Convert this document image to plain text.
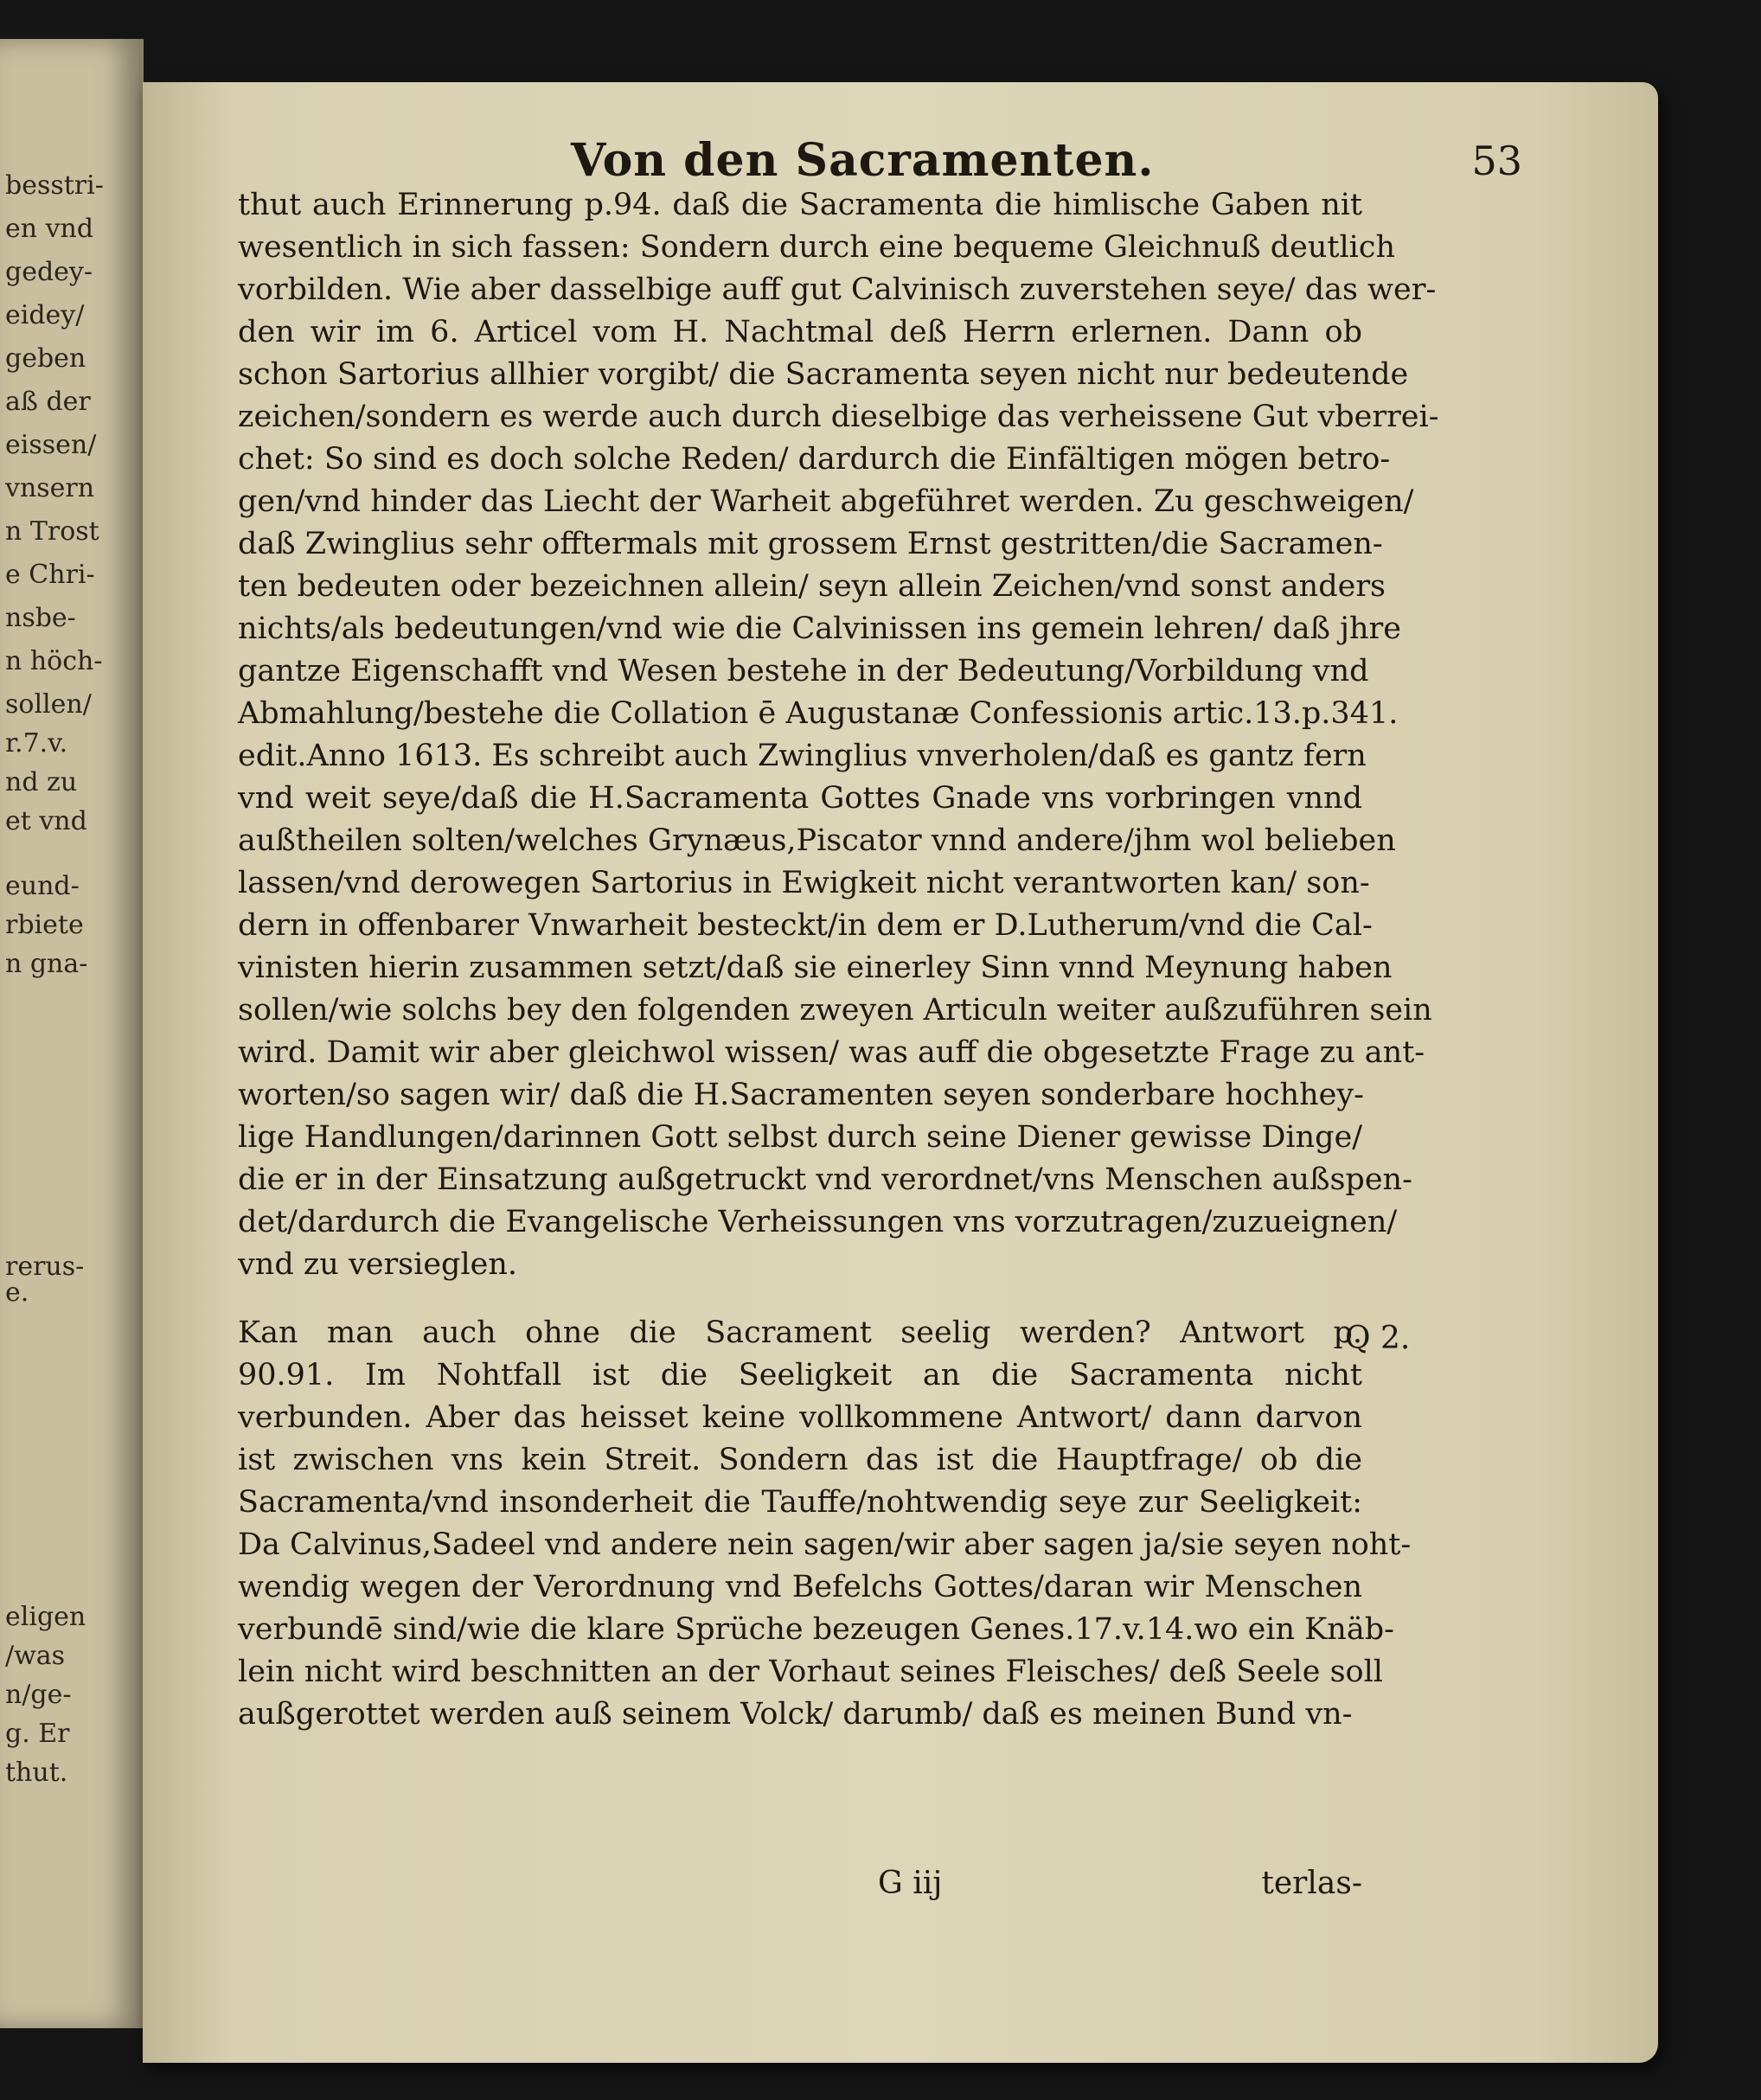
besstri-
en vnd
gedey-
eidey/
geben
aß der
eissen/
vnsern
n Trost
e Chri-
nsbe-
n höch-
sollen/
r.7.v.
nd zu
et vnd
eund-
rbiete
n gna-
rerus-
e.
eligen
/was
n/ge-
g. Er
thut.
Von den Sacramenten.	53
thut auch Erinnerung p.94. daß die Sacramenta die himlische Gaben nit
wesentlich in sich fassen: Sondern durch eine bequeme Gleichnuß deutlich
vorbilden. Wie aber dasselbige auff gut Calvinisch zuverstehen seye/ das wer-
den wir im 6. Articel vom H. Nachtmal deß Herrn erlernen. Dann ob
schon Sartorius allhier vorgibt/ die Sacramenta seyen nicht nur bedeutende
zeichen/sondern es werde auch durch dieselbige das verheissene Gut vberrei-
chet: So sind es doch solche Reden/ dardurch die Einfältigen mögen betro-
gen/vnd hinder das Liecht der Warheit abgeführet werden. Zu geschweigen/
daß Zwinglius sehr offtermals mit grossem Ernst gestritten/die Sacramen-
ten bedeuten oder bezeichnen allein/ seyn allein Zeichen/vnd sonst anders
nichts/als bedeutungen/vnd wie die Calvinissen ins gemein lehren/ daß jhre
gantze Eigenschafft vnd Wesen bestehe in der Bedeutung/Vorbildung vnd
Abmahlung/bestehe die Collation ē Augustanæ Confessionis artic.13.p.341.
edit.Anno 1613. Es schreibt auch Zwinglius vnverholen/daß es gantz fern
vnd weit seye/daß die H.Sacramenta Gottes Gnade vns vorbringen vnnd
außtheilen solten/welches Grynæus,Piscator vnnd andere/jhm wol belieben
lassen/vnd derowegen Sartorius in Ewigkeit nicht verantworten kan/ son-
dern in offenbarer Vnwarheit besteckt/in dem er D.Lutherum/vnd die Cal-
vinisten hierin zusammen setzt/daß sie einerley Sinn vnnd Meynung haben
sollen/wie solchs bey den folgenden zweyen Articuln weiter außzuführen sein
wird. Damit wir aber gleichwol wissen/ was auff die obgesetzte Frage zu ant-
worten/so sagen wir/ daß die H.Sacramenten seyen sonderbare hochhey-
lige Handlungen/darinnen Gott selbst durch seine Diener gewisse Dinge/
die er in der Einsatzung außgetruckt vnd verordnet/vns Menschen außspen-
det/dardurch die Evangelische Verheissungen vns vorzutragen/zuzueignen/
vnd zu versieglen.
Kan man auch ohne die Sacrament seelig werden? Antwort p.
90.91. Im Nohtfall ist die Seeligkeit an die Sacramenta nicht
verbunden. Aber das heisset keine vollkommene Antwort/ dann darvon
ist zwischen vns kein Streit. Sondern das ist die Hauptfrage/ ob die
Sacramenta/vnd insonderheit die Tauffe/nohtwendig seye zur Seeligkeit:
Da Calvinus,Sadeel vnd andere nein sagen/wir aber sagen ja/sie seyen noht-
wendig wegen der Verordnung vnd Befelchs Gottes/daran wir Menschen
verbundē sind/wie die klare Sprüche bezeugen Genes.17.v.14.wo ein Knäb-
lein nicht wird beschnitten an der Vorhaut seines Fleisches/ deß Seele soll
außgerottet werden auß seinem Volck/ darumb/ daß es meinen Bund vn-
Q 2.
G iij	terlas-
